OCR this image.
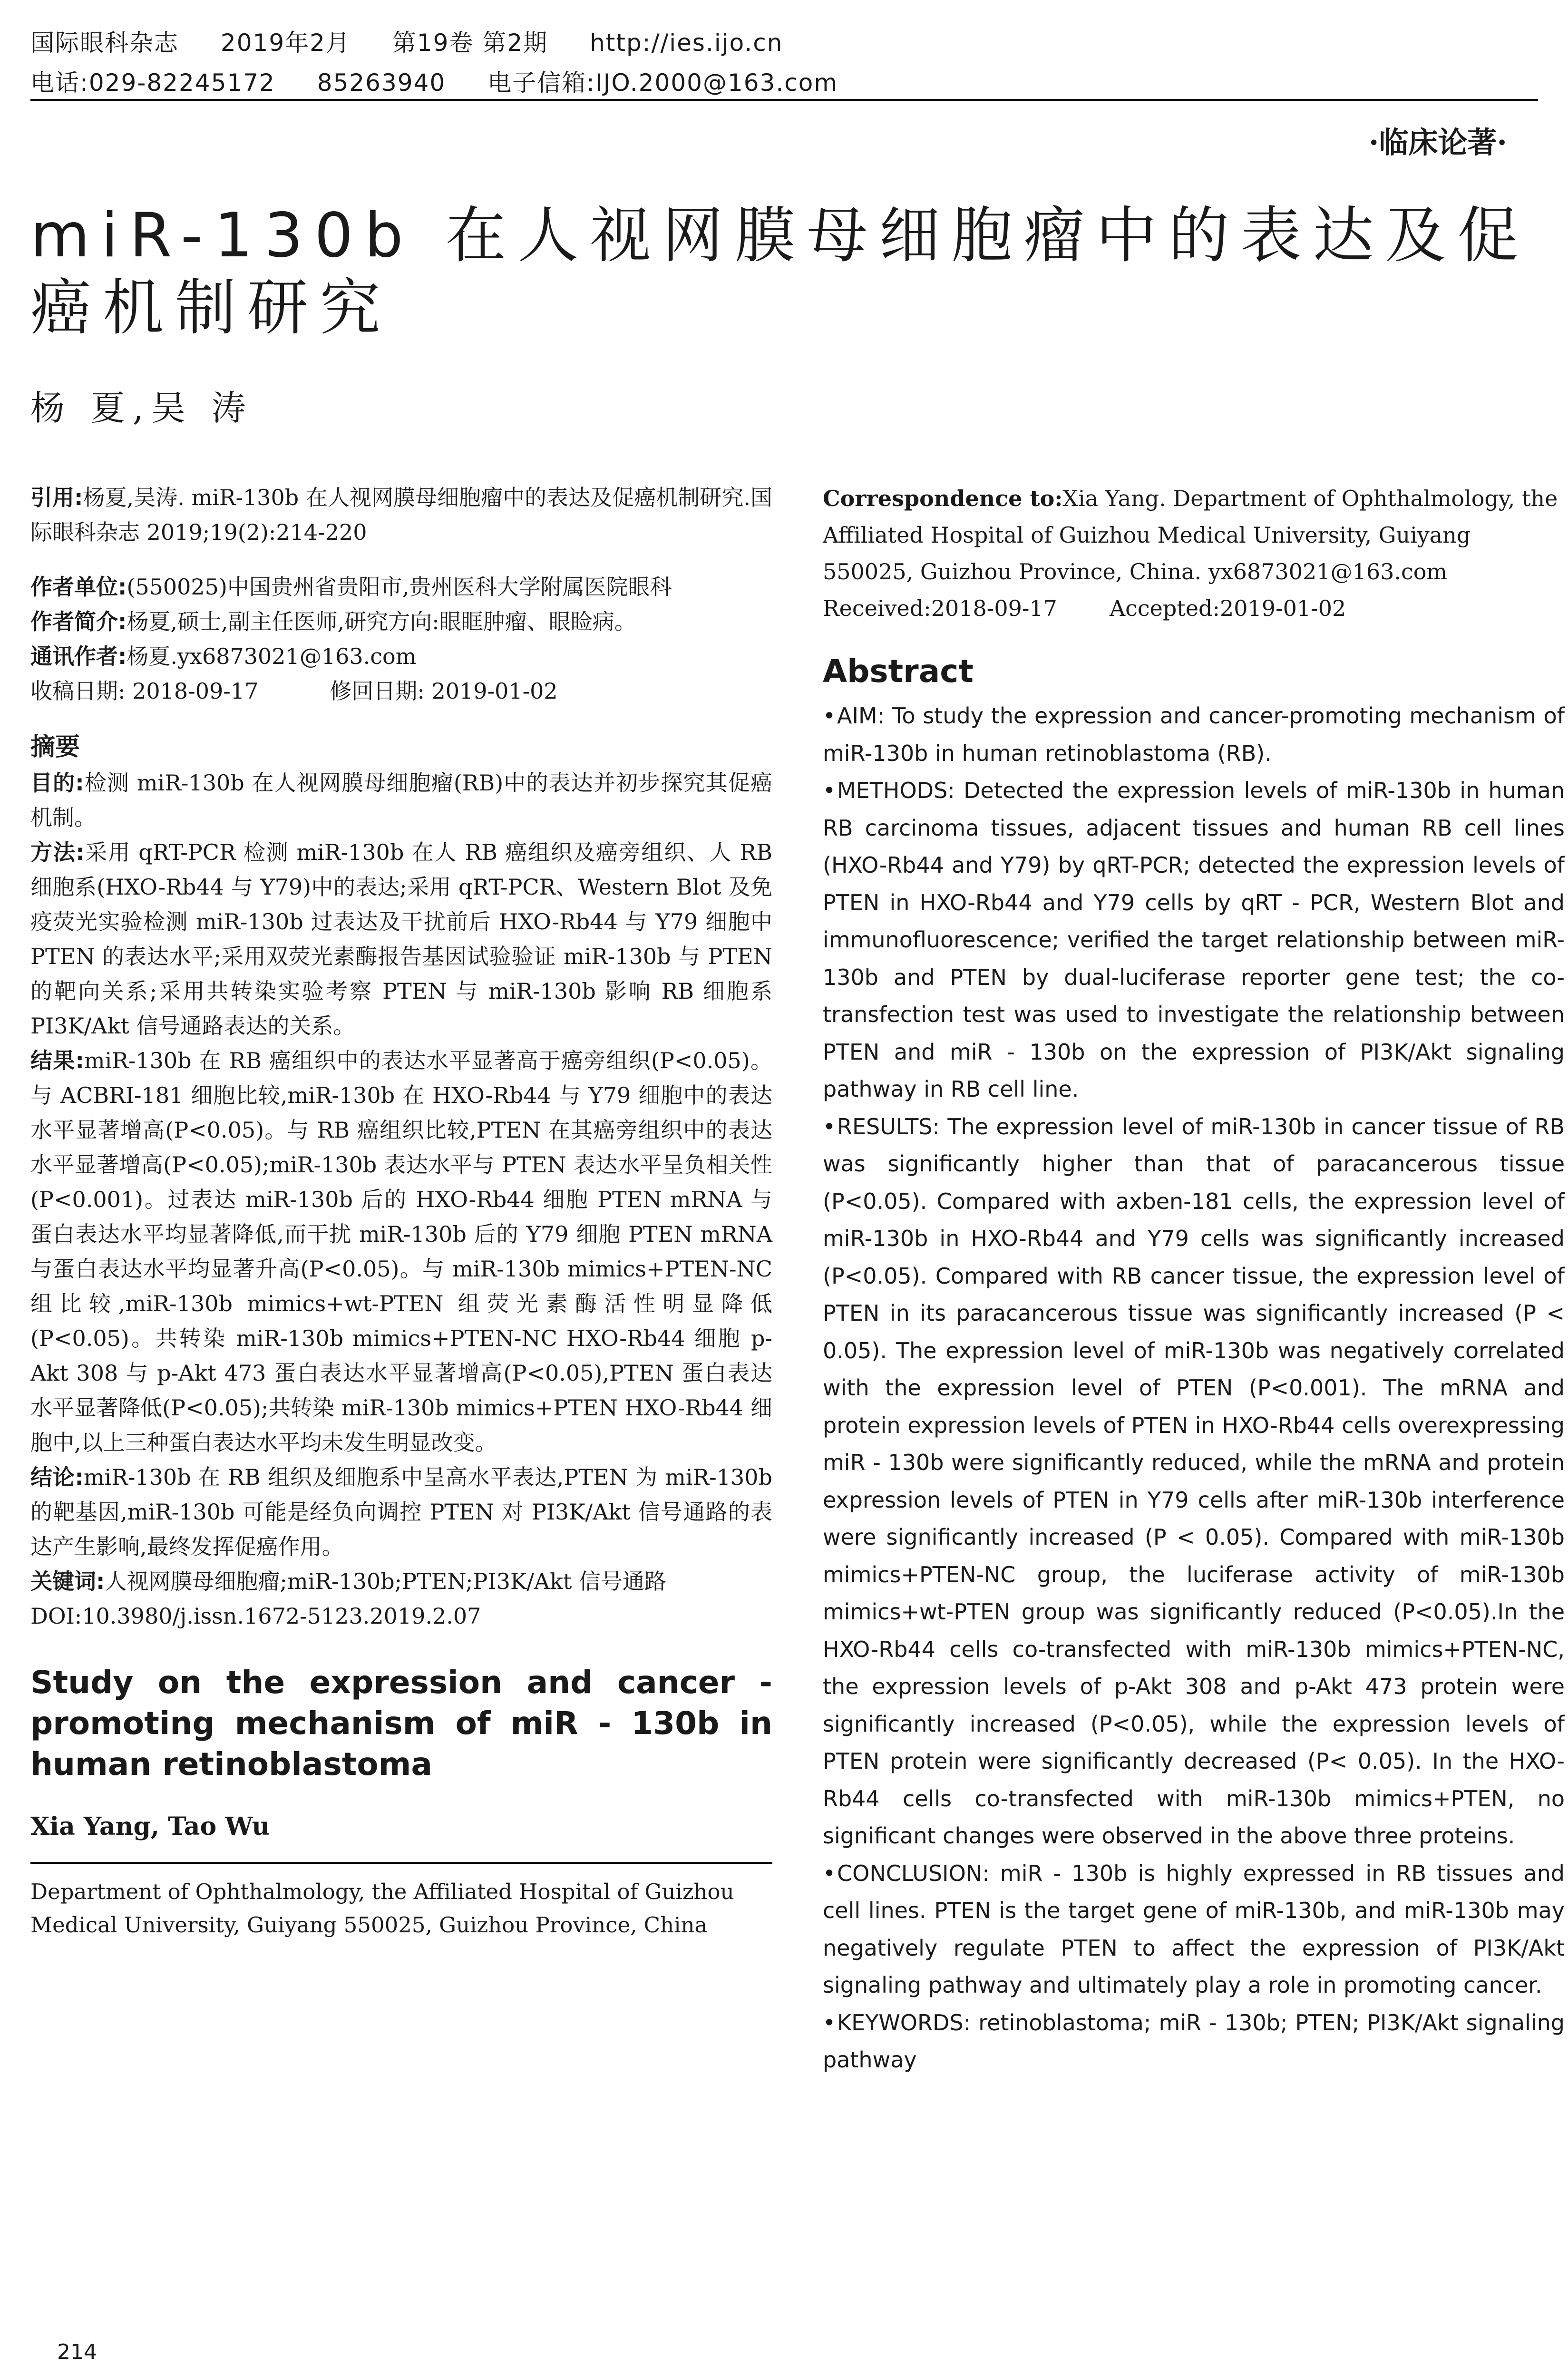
国际眼科杂志 2019年2月 第19卷 第2期 http://ies.ijo.cn
电话:029-82245172 85263940 电子信箱:IJO.2000@163.com
·临床论著·
miR-130b 在人视网膜母细胞瘤中的表达及促癌机制研究
杨 夏,吴 涛

引用:杨夏,吴涛. miR-130b 在人视网膜母细胞瘤中的表达及促癌机制研究.国际眼科杂志 2019;19(2):214-220

作者单位:(550025)中国贵州省贵阳市,贵州医科大学附属医院眼科

作者简介:杨夏,硕士,副主任医师,研究方向:眼眶肿瘤、眼睑病。

通讯作者:杨夏.yx6873021@163.com

收稿日期: 2018-09-17	修回日期: 2019-01-02

摘要

目的:检测 miR-130b 在人视网膜母细胞瘤(RB)中的表达并初步探究其促癌机制。

方法:采用 qRT-PCR 检测 miR-130b 在人 RB 癌组织及癌旁组织、人 RB 细胞系(HXO-Rb44 与 Y79)中的表达;采用 qRT-PCR、Western Blot 及免疫荧光实验检测 miR-130b 过表达及干扰前后 HXO-Rb44 与 Y79 细胞中 PTEN 的表达水平;采用双荧光素酶报告基因试验验证 miR-130b 与 PTEN 的靶向关系;采用共转染实验考察 PTEN 与 miR-130b 影响 RB 细胞系 PI3K/Akt 信号通路表达的关系。

结果:miR-130b 在 RB 癌组织中的表达水平显著高于癌旁组织(P<0.05)。与 ACBRI-181 细胞比较,miR-130b 在 HXO-Rb44 与 Y79 细胞中的表达水平显著增高(P<0.05)。与 RB 癌组织比较,PTEN 在其癌旁组织中的表达水平显著增高(P<0.05);miR-130b 表达水平与 PTEN 表达水平呈负相关性(P<0.001)。过表达 miR-130b 后的 HXO-Rb44 细胞 PTEN mRNA 与蛋白表达水平均显著降低,而干扰 miR-130b 后的 Y79 细胞 PTEN mRNA 与蛋白表达水平均显著升高(P<0.05)。与 miR-130b mimics+PTEN-NC 组比较,miR-130b mimics+wt-PTEN 组荧光素酶活性明显降低(P<0.05)。共转染 miR-130b mimics+PTEN-NC HXO-Rb44 细胞 p-Akt 308 与 p-Akt 473 蛋白表达水平显著增高(P<0.05),PTEN 蛋白表达水平显著降低(P<0.05);共转染 miR-130b mimics+PTEN HXO-Rb44 细胞中,以上三种蛋白表达水平均未发生明显改变。

结论:miR-130b 在 RB 组织及细胞系中呈高水平表达,PTEN 为 miR-130b 的靶基因,miR-130b 可能是经负向调控 PTEN 对 PI3K/Akt 信号通路的表达产生影响,最终发挥促癌作用。

关键词:人视网膜母细胞瘤;miR-130b;PTEN;PI3K/Akt 信号通路

DOI:10.3980/j.issn.1672-5123.2019.2.07

Study on the expression and cancer - promoting mechanism of miR - 130b in human retinoblastoma

Xia Yang, Tao Wu

Department of Ophthalmology, the Affiliated Hospital of Guizhou Medical University, Guiyang 550025, Guizhou Province, China

Correspondence to:Xia Yang. Department of Ophthalmology, the Affiliated Hospital of Guizhou Medical University, Guiyang 550025, Guizhou Province, China. yx6873021@163.com

Received:2018-09-17 Accepted:2019-01-02

Abstract

•AIM: To study the expression and cancer-promoting mechanism of miR-130b in human retinoblastoma (RB).

•METHODS: Detected the expression levels of miR-130b in human RB carcinoma tissues, adjacent tissues and human RB cell lines (HXO-Rb44 and Y79) by qRT-PCR; detected the expression levels of PTEN in HXO-Rb44 and Y79 cells by qRT - PCR, Western Blot and immunofluorescence; verified the target relationship between miR-130b and PTEN by dual-luciferase reporter gene test; the co-transfection test was used to investigate the relationship between PTEN and miR - 130b on the expression of PI3K/Akt signaling pathway in RB cell line.

•RESULTS: The expression level of miR-130b in cancer tissue of RB was significantly higher than that of paracancerous tissue (P<0.05). Compared with axben-181 cells, the expression level of miR-130b in HXO-Rb44 and Y79 cells was significantly increased (P<0.05). Compared with RB cancer tissue, the expression level of PTEN in its paracancerous tissue was significantly increased (P < 0.05). The expression level of miR-130b was negatively correlated with the expression level of PTEN (P<0.001). The mRNA and protein expression levels of PTEN in HXO-Rb44 cells overexpressing miR - 130b were significantly reduced, while the mRNA and protein expression levels of PTEN in Y79 cells after miR-130b interference were significantly increased (P < 0.05). Compared with miR-130b mimics+PTEN-NC group, the luciferase activity of miR-130b mimics+wt-PTEN group was significantly reduced (P<0.05).In the HXO-Rb44 cells co-transfected with miR-130b mimics+PTEN-NC, the expression levels of p-Akt 308 and p-Akt 473 protein were significantly increased (P<0.05), while the expression levels of PTEN protein were significantly decreased (P< 0.05). In the HXO-Rb44 cells co-transfected with miR-130b mimics+PTEN, no significant changes were observed in the above three proteins.

•CONCLUSION: miR - 130b is highly expressed in RB tissues and cell lines. PTEN is the target gene of miR-130b, and miR-130b may negatively regulate PTEN to affect the expression of PI3K/Akt signaling pathway and ultimately play a role in promoting cancer.

•KEYWORDS: retinoblastoma; miR - 130b; PTEN; PI3K/Akt signaling pathway

214
